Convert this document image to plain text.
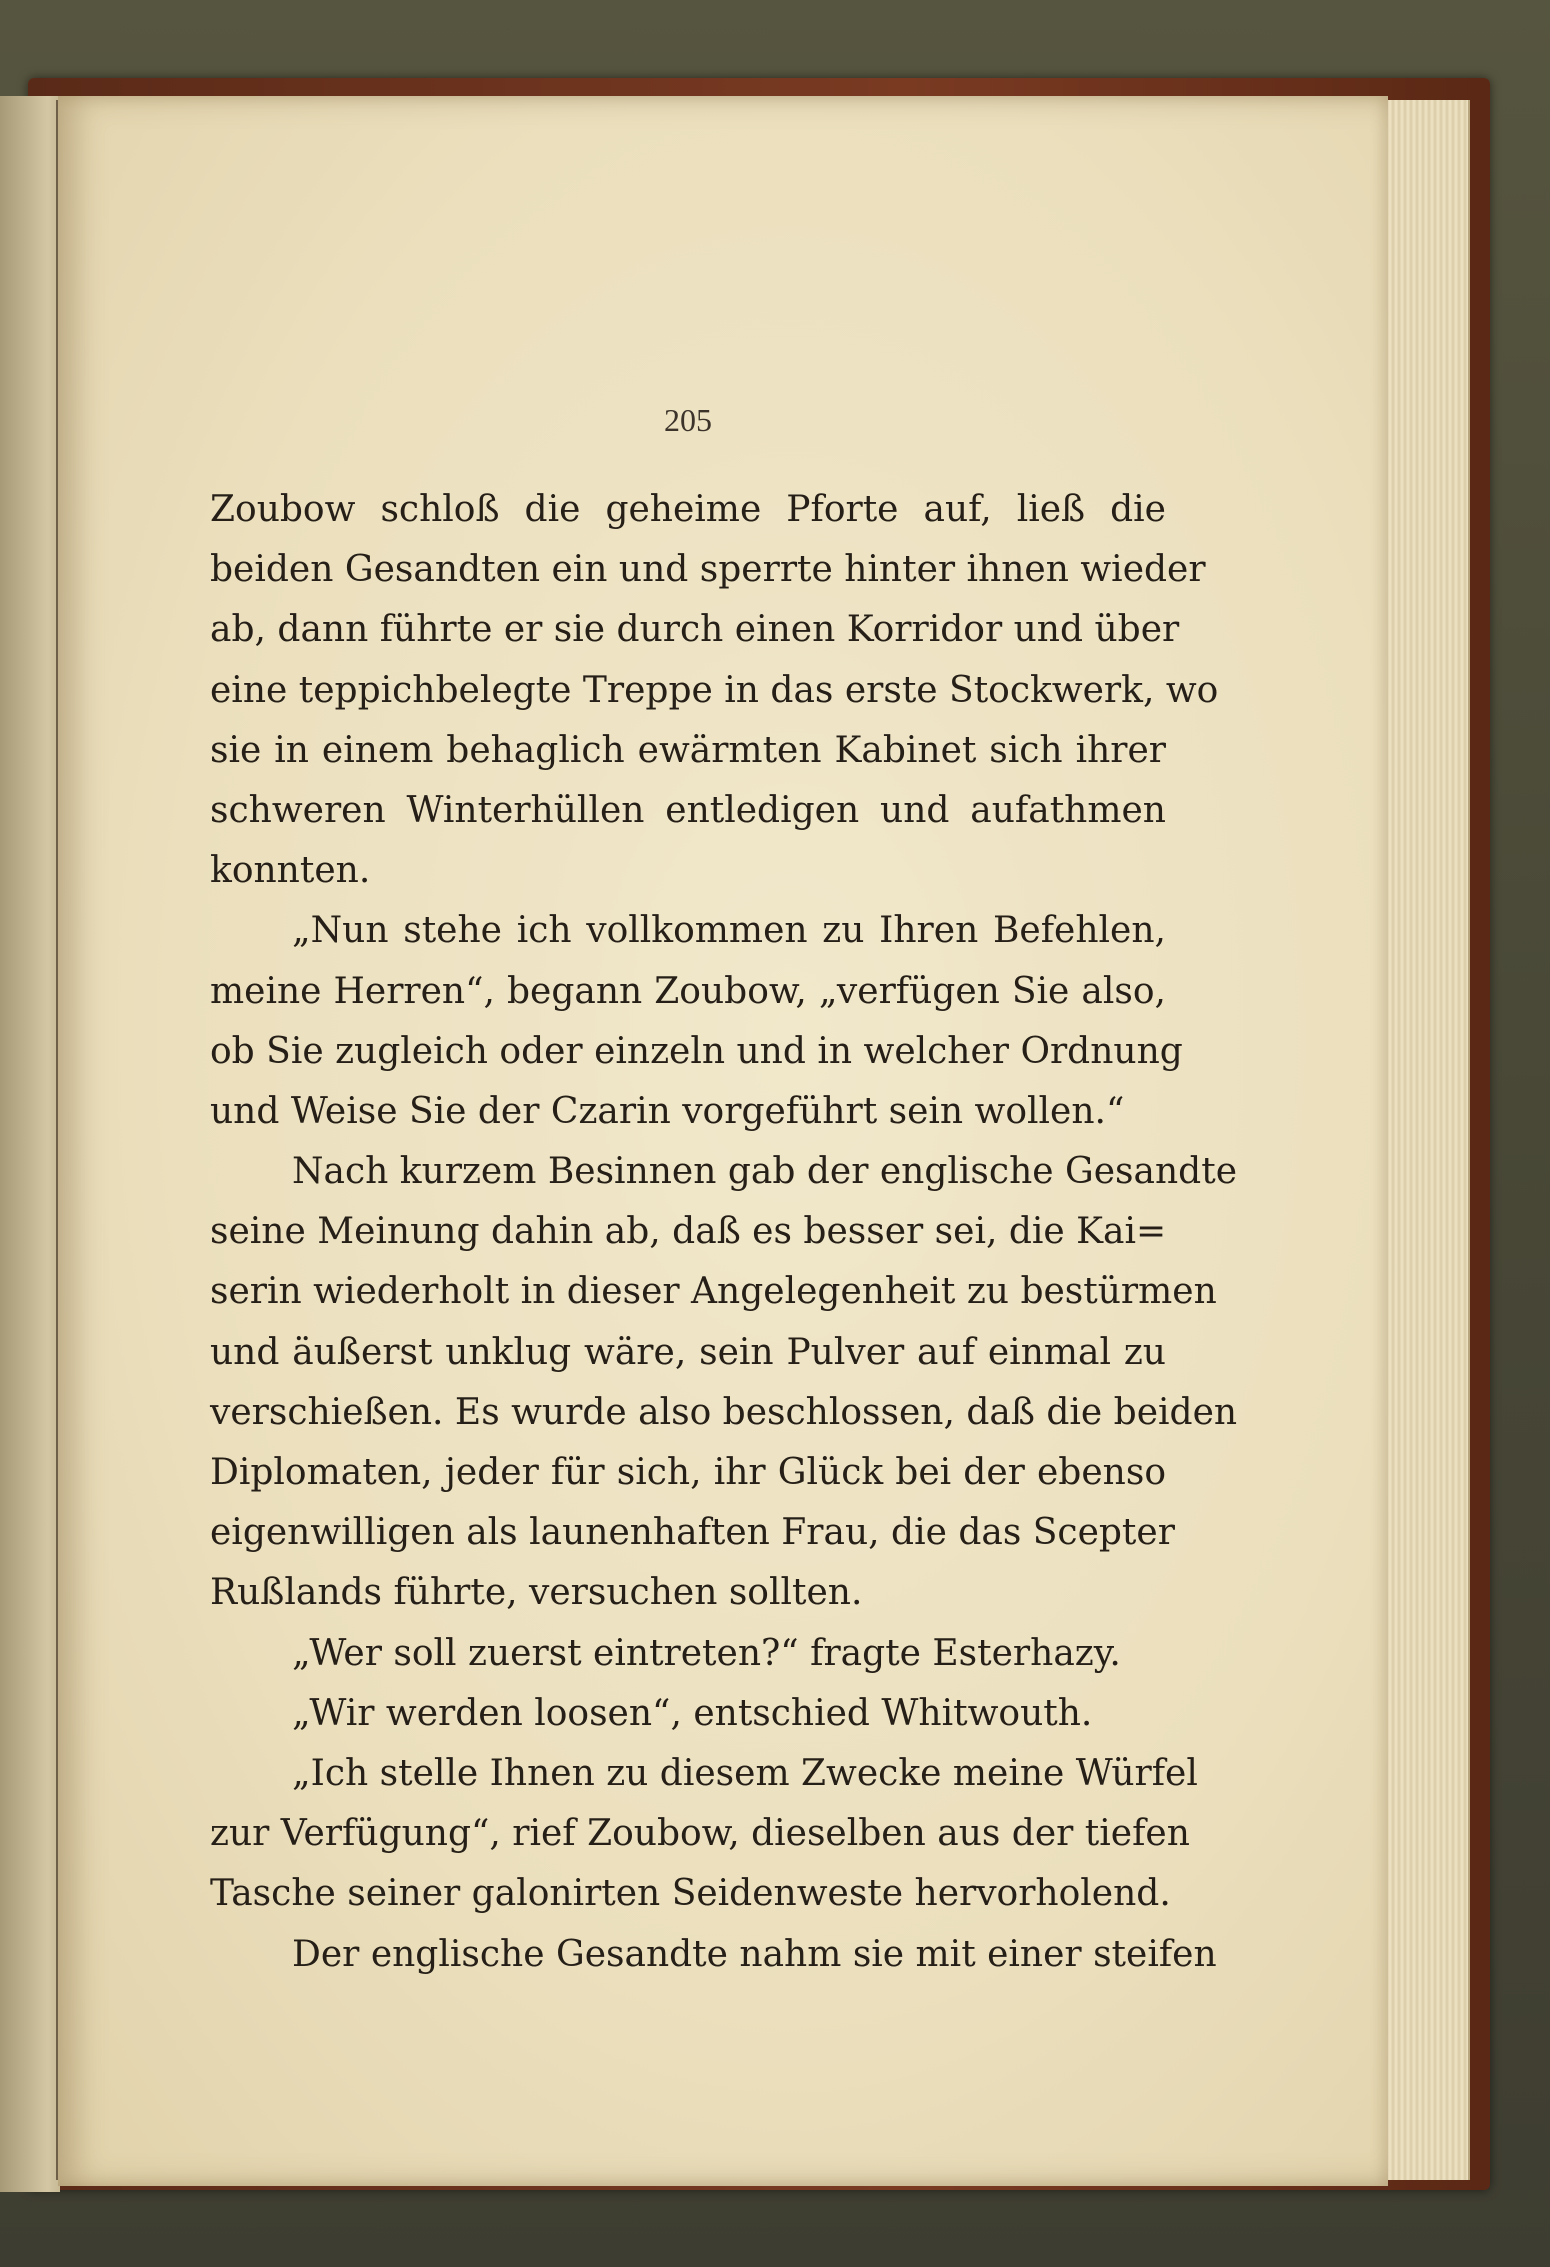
205
Zoubow schloß die geheime Pforte auf, ließ die
beiden Gesandten ein und sperrte hinter ihnen wieder
ab, dann führte er sie durch einen Korridor und über
eine teppichbelegte Treppe in das erste Stockwerk, wo
sie in einem behaglich ewärmten Kabinet sich ihrer
schweren Winterhüllen entledigen und aufathmen
konnten.
„Nun stehe ich vollkommen zu Ihren Befehlen,
meine Herren“, begann Zoubow, „verfügen Sie also,
ob Sie zugleich oder einzeln und in welcher Ordnung
und Weise Sie der Czarin vorgeführt sein wollen.“
Nach kurzem Besinnen gab der englische Gesandte
seine Meinung dahin ab, daß es besser sei, die Kai=
serin wiederholt in dieser Angelegenheit zu bestürmen
und äußerst unklug wäre, sein Pulver auf einmal zu
verschießen. Es wurde also beschlossen, daß die beiden
Diplomaten, jeder für sich, ihr Glück bei der ebenso
eigenwilligen als launenhaften Frau, die das Scepter
Rußlands führte, versuchen sollten.
„Wer soll zuerst eintreten?“ fragte Esterhazy.
„Wir werden loosen“, entschied Whitwouth.
„Ich stelle Ihnen zu diesem Zwecke meine Würfel
zur Verfügung“, rief Zoubow, dieselben aus der tiefen
Tasche seiner galonirten Seidenweste hervorholend.
Der englische Gesandte nahm sie mit einer steifen
